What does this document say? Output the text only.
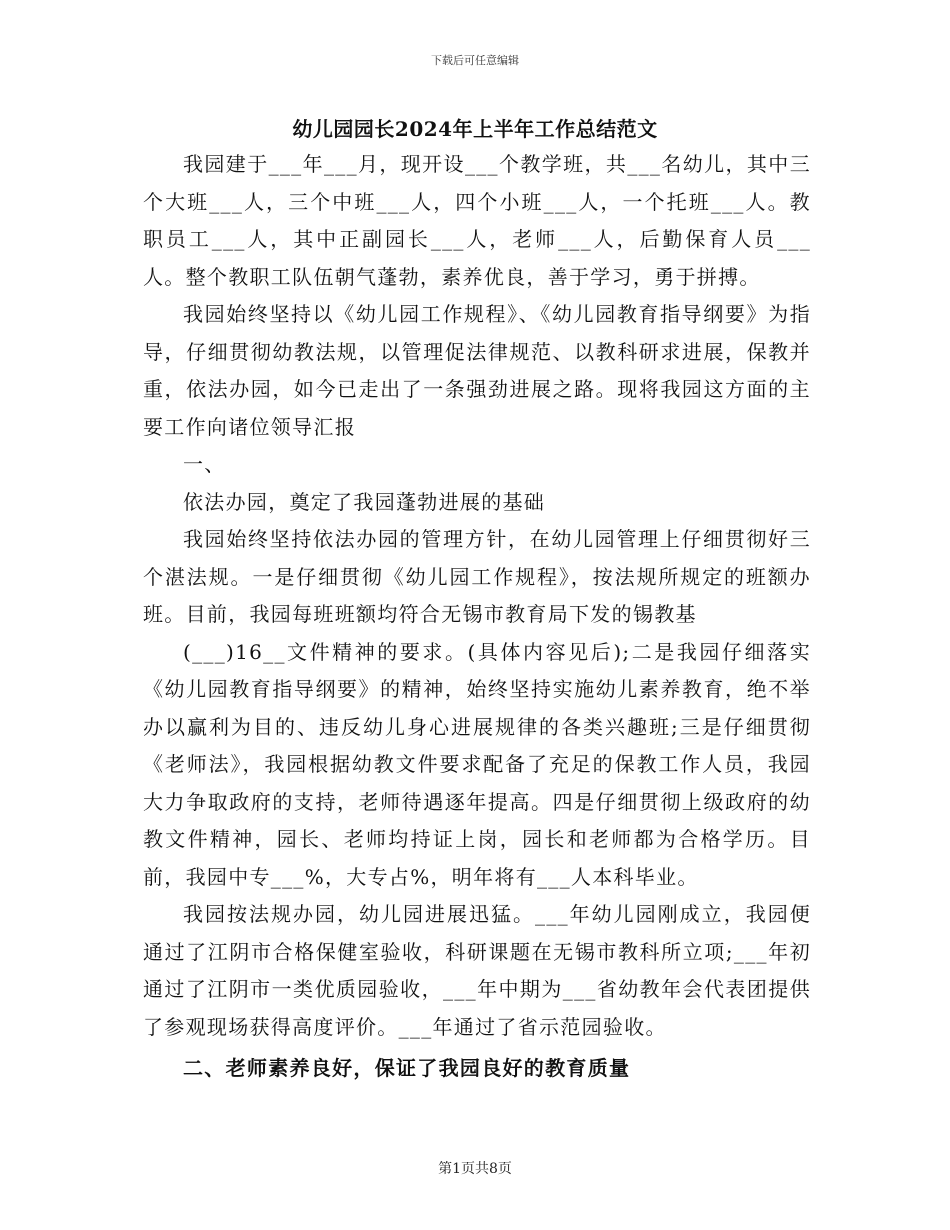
下载后可任意编辑
幼儿园园长2024年上半年工作总结范文

我园建于___年___月，现开设___个教学班，共___名幼儿，其中三个大班___人，三个中班___人，四个小班___人，一个托班___人。教职员工___人，其中正副园长___人，老师___人，后勤保育人员___人。整个教职工队伍朝气蓬勃，素养优良，善于学习，勇于拼搏。

我园始终坚持以《幼儿园工作规程》、《幼儿园教育指导纲要》为指导，仔细贯彻幼教法规，以管理促法律规范、以教科研求进展，保教并重，依法办园，如今已走出了一条强劲进展之路。现将我园这方面的主要工作向诸位领导汇报

一、

依法办园，奠定了我园蓬勃进展的基础

我园始终坚持依法办园的管理方针，在幼儿园管理上仔细贯彻好三个湛法规。一是仔细贯彻《幼儿园工作规程》，按法规所规定的班额办班。目前，我园每班班额均符合无锡市教育局下发的锡教基

(___)16__文件精神的要求。(具体内容见后);二是我园仔细落实《幼儿园教育指导纲要》的精神，始终坚持实施幼儿素养教育，绝不举办以赢利为目的、违反幼儿身心进展规律的各类兴趣班;三是仔细贯彻《老师法》，我园根据幼教文件要求配备了充足的保教工作人员，我园大力争取政府的支持，老师待遇逐年提高。四是仔细贯彻上级政府的幼教文件精神，园长、老师均持证上岗，园长和老师都为合格学历。目前，我园中专___%，大专占%，明年将有___人本科毕业。

我园按法规办园，幼儿园进展迅猛。___年幼儿园刚成立，我园便通过了江阴市合格保健室验收，科研课题在无锡市教科所立项;___年初通过了江阴市一类优质园验收，___年中期为___省幼教年会代表团提供了参观现场获得高度评价。___年通过了省示范园验收。

二、老师素养良好，保证了我园良好的教育质量

第1页共8页
